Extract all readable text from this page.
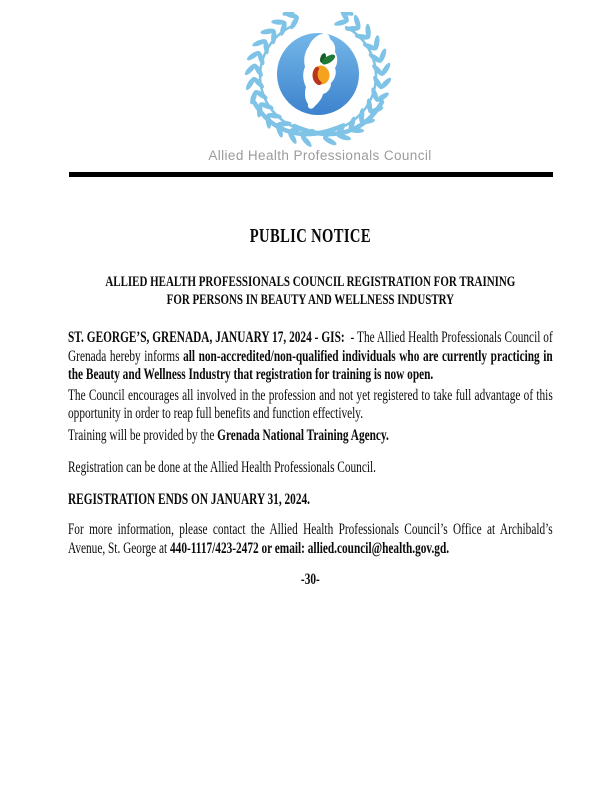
Allied Health Professionals Council
PUBLIC NOTICE
ALLIED HEALTH PROFESSIONALS COUNCIL REGISTRATION FOR TRAINING
FOR PERSONS IN BEAUTY AND WELLNESS INDUSTRY

ST. GEORGE’S, GRENADA, JANUARY 17, 2024 - GIS:  - The Allied Health Professionals Council of Grenada hereby informs all non-accredited/non-qualified individuals who are currently practicing in the Beauty and Wellness Industry that registration for training is now open.

The Council encourages all involved in the profession and not yet registered to take full advantage of this opportunity in order to reap full benefits and function effectively.

Training will be provided by the Grenada National Training Agency.

Registration can be done at the Allied Health Professionals Council.

REGISTRATION ENDS ON JANUARY 31, 2024.

For more information, please contact the Allied Health Professionals Council’s Office at Archibald’s Avenue, St. George at 440-1117/423-2472 or email: allied.council@health.gov.gd.

-30-
